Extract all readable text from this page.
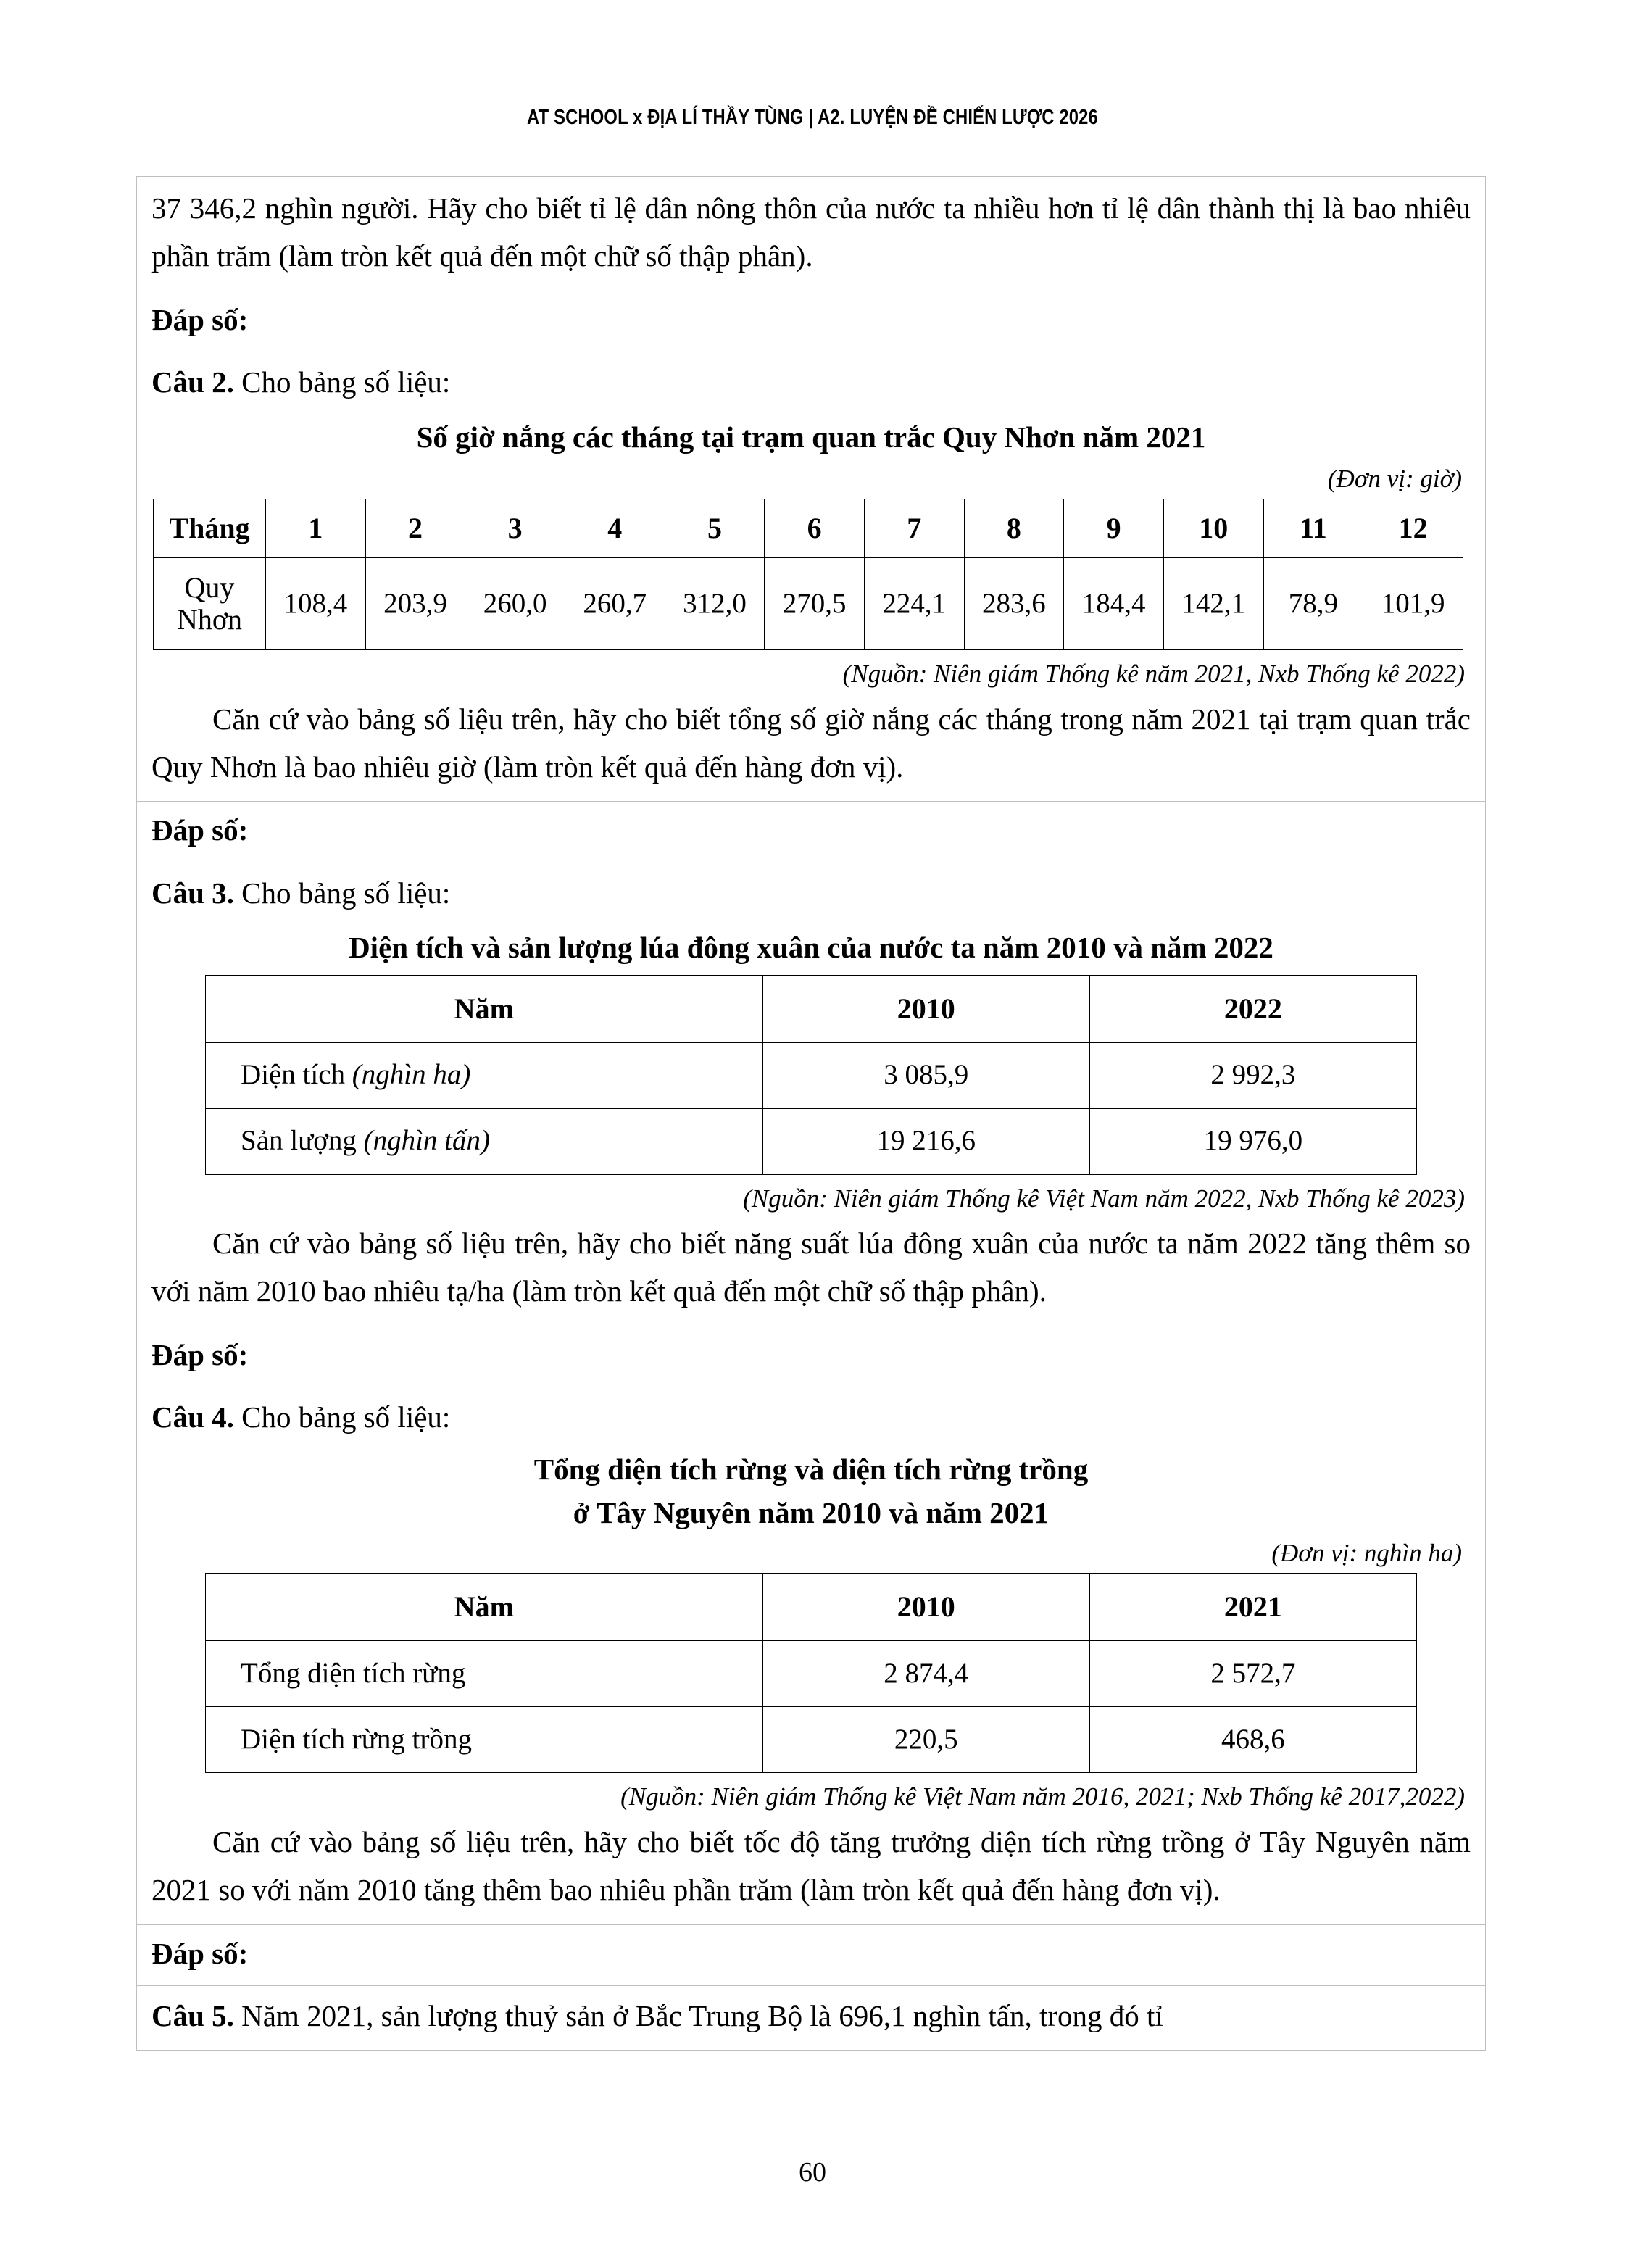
AT SCHOOL x ĐỊA LÍ THẦY TÙNG | A2. LUYỆN ĐỀ CHIẾN LƯỢC 2026

37 346,2 nghìn người. Hãy cho biết tỉ lệ dân nông thôn của nước ta nhiều hơn tỉ lệ dân thành thị là bao nhiêu phần trăm (làm tròn kết quả đến một chữ số thập phân).

Đáp số:

Câu 2. Cho bảng số liệu:

Số giờ nắng các tháng tại trạm quan trắc Quy Nhơn năm 2021

(Đơn vị: giờ)

Tháng	1	2	3	4	5	6	7	8	9	10	11	12
Quy Nhơn	108,4	203,9	260,0	260,7	312,0	270,5	224,1	283,6	184,4	142,1	78,9	101,9

(Nguồn: Niên giám Thống kê năm 2021, Nxb Thống kê 2022)

Căn cứ vào bảng số liệu trên, hãy cho biết tổng số giờ nắng các tháng trong năm 2021 tại trạm quan trắc Quy Nhơn là bao nhiêu giờ (làm tròn kết quả đến hàng đơn vị).

Đáp số:

Câu 3. Cho bảng số liệu:

Diện tích và sản lượng lúa đông xuân của nước ta năm 2010 và năm 2022

Năm	2010	2022
Diện tích (nghìn ha)	3 085,9	2 992,3
Sản lượng (nghìn tấn)	19 216,6	19 976,0

(Nguồn: Niên giám Thống kê Việt Nam năm 2022, Nxb Thống kê 2023)

Căn cứ vào bảng số liệu trên, hãy cho biết năng suất lúa đông xuân của nước ta năm 2022 tăng thêm so với năm 2010 bao nhiêu tạ/ha (làm tròn kết quả đến một chữ số thập phân).

Đáp số:

Câu 4. Cho bảng số liệu:

Tổng diện tích rừng và diện tích rừng trồng

ở Tây Nguyên năm 2010 và năm 2021

(Đơn vị: nghìn ha)

Năm	2010	2021
Tổng diện tích rừng	2 874,4	2 572,7
Diện tích rừng trồng	220,5	468,6

(Nguồn: Niên giám Thống kê Việt Nam năm 2016, 2021; Nxb Thống kê 2017,2022)

Căn cứ vào bảng số liệu trên, hãy cho biết tốc độ tăng trưởng diện tích rừng trồng ở Tây Nguyên năm 2021 so với năm 2010 tăng thêm bao nhiêu phần trăm (làm tròn kết quả đến hàng đơn vị).

Đáp số:

Câu 5. Năm 2021, sản lượng thuỷ sản ở Bắc Trung Bộ là 696,1 nghìn tấn, trong đó tỉ

60
